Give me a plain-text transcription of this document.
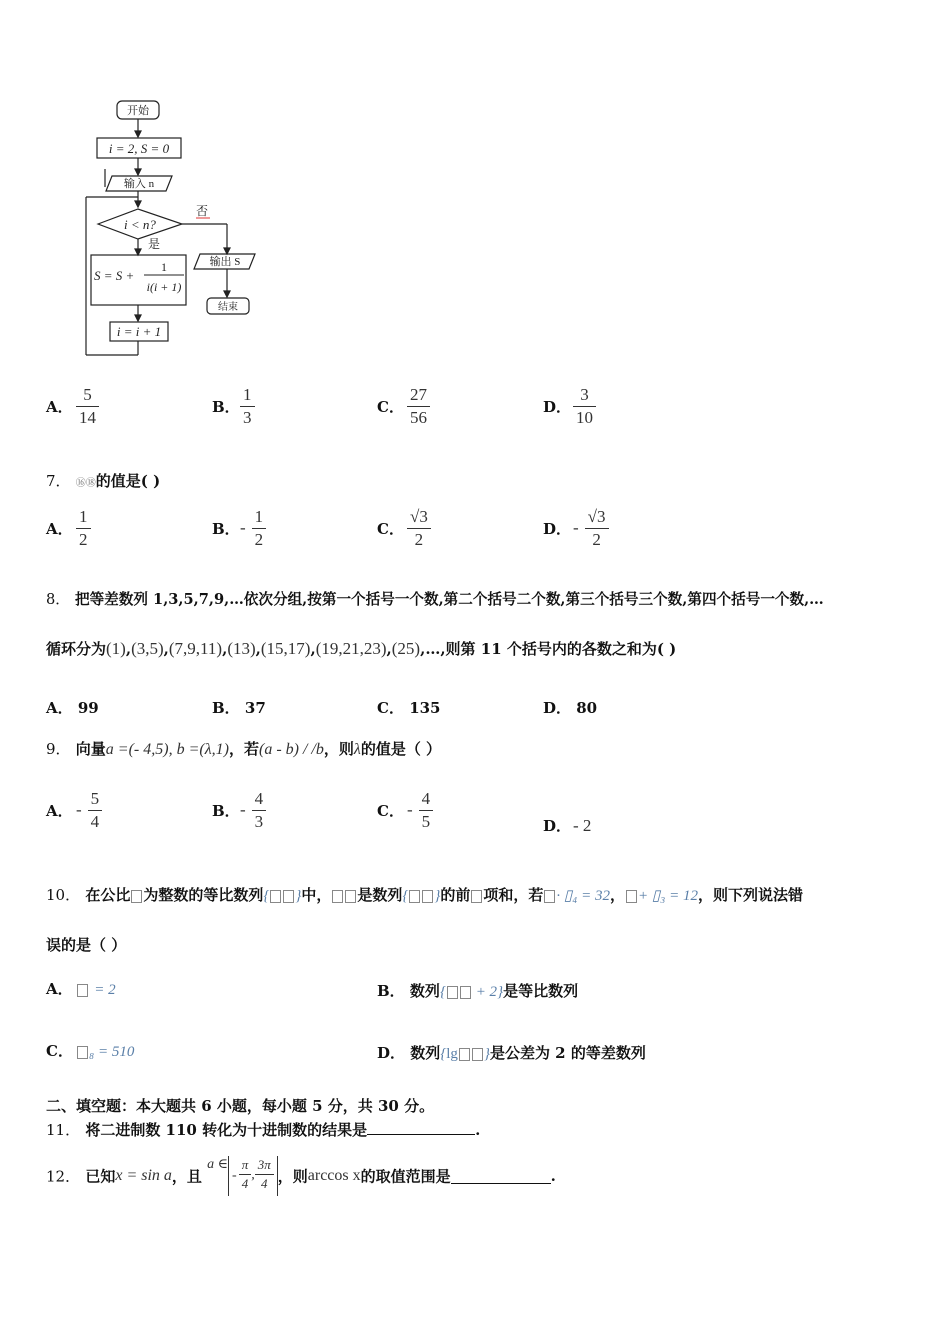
开始
i = 2, S = 0
输入 n
i < n?
否
是
S = S +
1
i(i + 1)
i = i + 1
输出 S
结束
A． $\frac{5}{14}$	B． $\frac{1}{3}$	C． $\frac{27}{56}$	D． $\frac{3}{10}$
7． ⑯⑱的值是( )
A． $\frac{1}{2}$	B．- $\frac{1}{2}$	C． $\frac{√3}{2}$	D． - $\frac{√3}{2}$
8． 把等差数列 1,3,5,7,9,…依次分组,按第一个括号一个数,第二个括号二个数,第三个括号三个数,第四个括号一个数,…
循环分为(1),(3,5),(7,9,11),(13),(15,17),(19,21,23),(25),…,则第 11 个括号内的各数之和为( )
A． 99	B． 37	C． 135	D． 80
9． 向量a =(- 4,5), b =(λ,1)，若(a - b) / /b，则λ的值是（ ）
A． - $\frac{5}{4}$	B．- $\frac{4}{3}$	C． - $\frac{4}{5}$	D． - 2
10． 在公比 为整数的等比数列{ }中， 是数列{ }的前 项和，若 · ▯₄ = 32， + ▯₃ = 12，则下列说法错
误的是（ ）
A． = 2	B． 数列{ + 2}是等比数列
C． ₈ = 510	D． 数列{lg }是公差为 2 的等差数列
二、填空题：本大题共 6 小题，每小题 5 分，共 30 分。
11． 将二进制数 110 转化为十进制数的结果是	.
12． 已知x = sin a，且 a ∈- $\frac{\pi}{4}$ , $\frac{3\pi}{4}$ ，则arccos x的取值范围是	.
